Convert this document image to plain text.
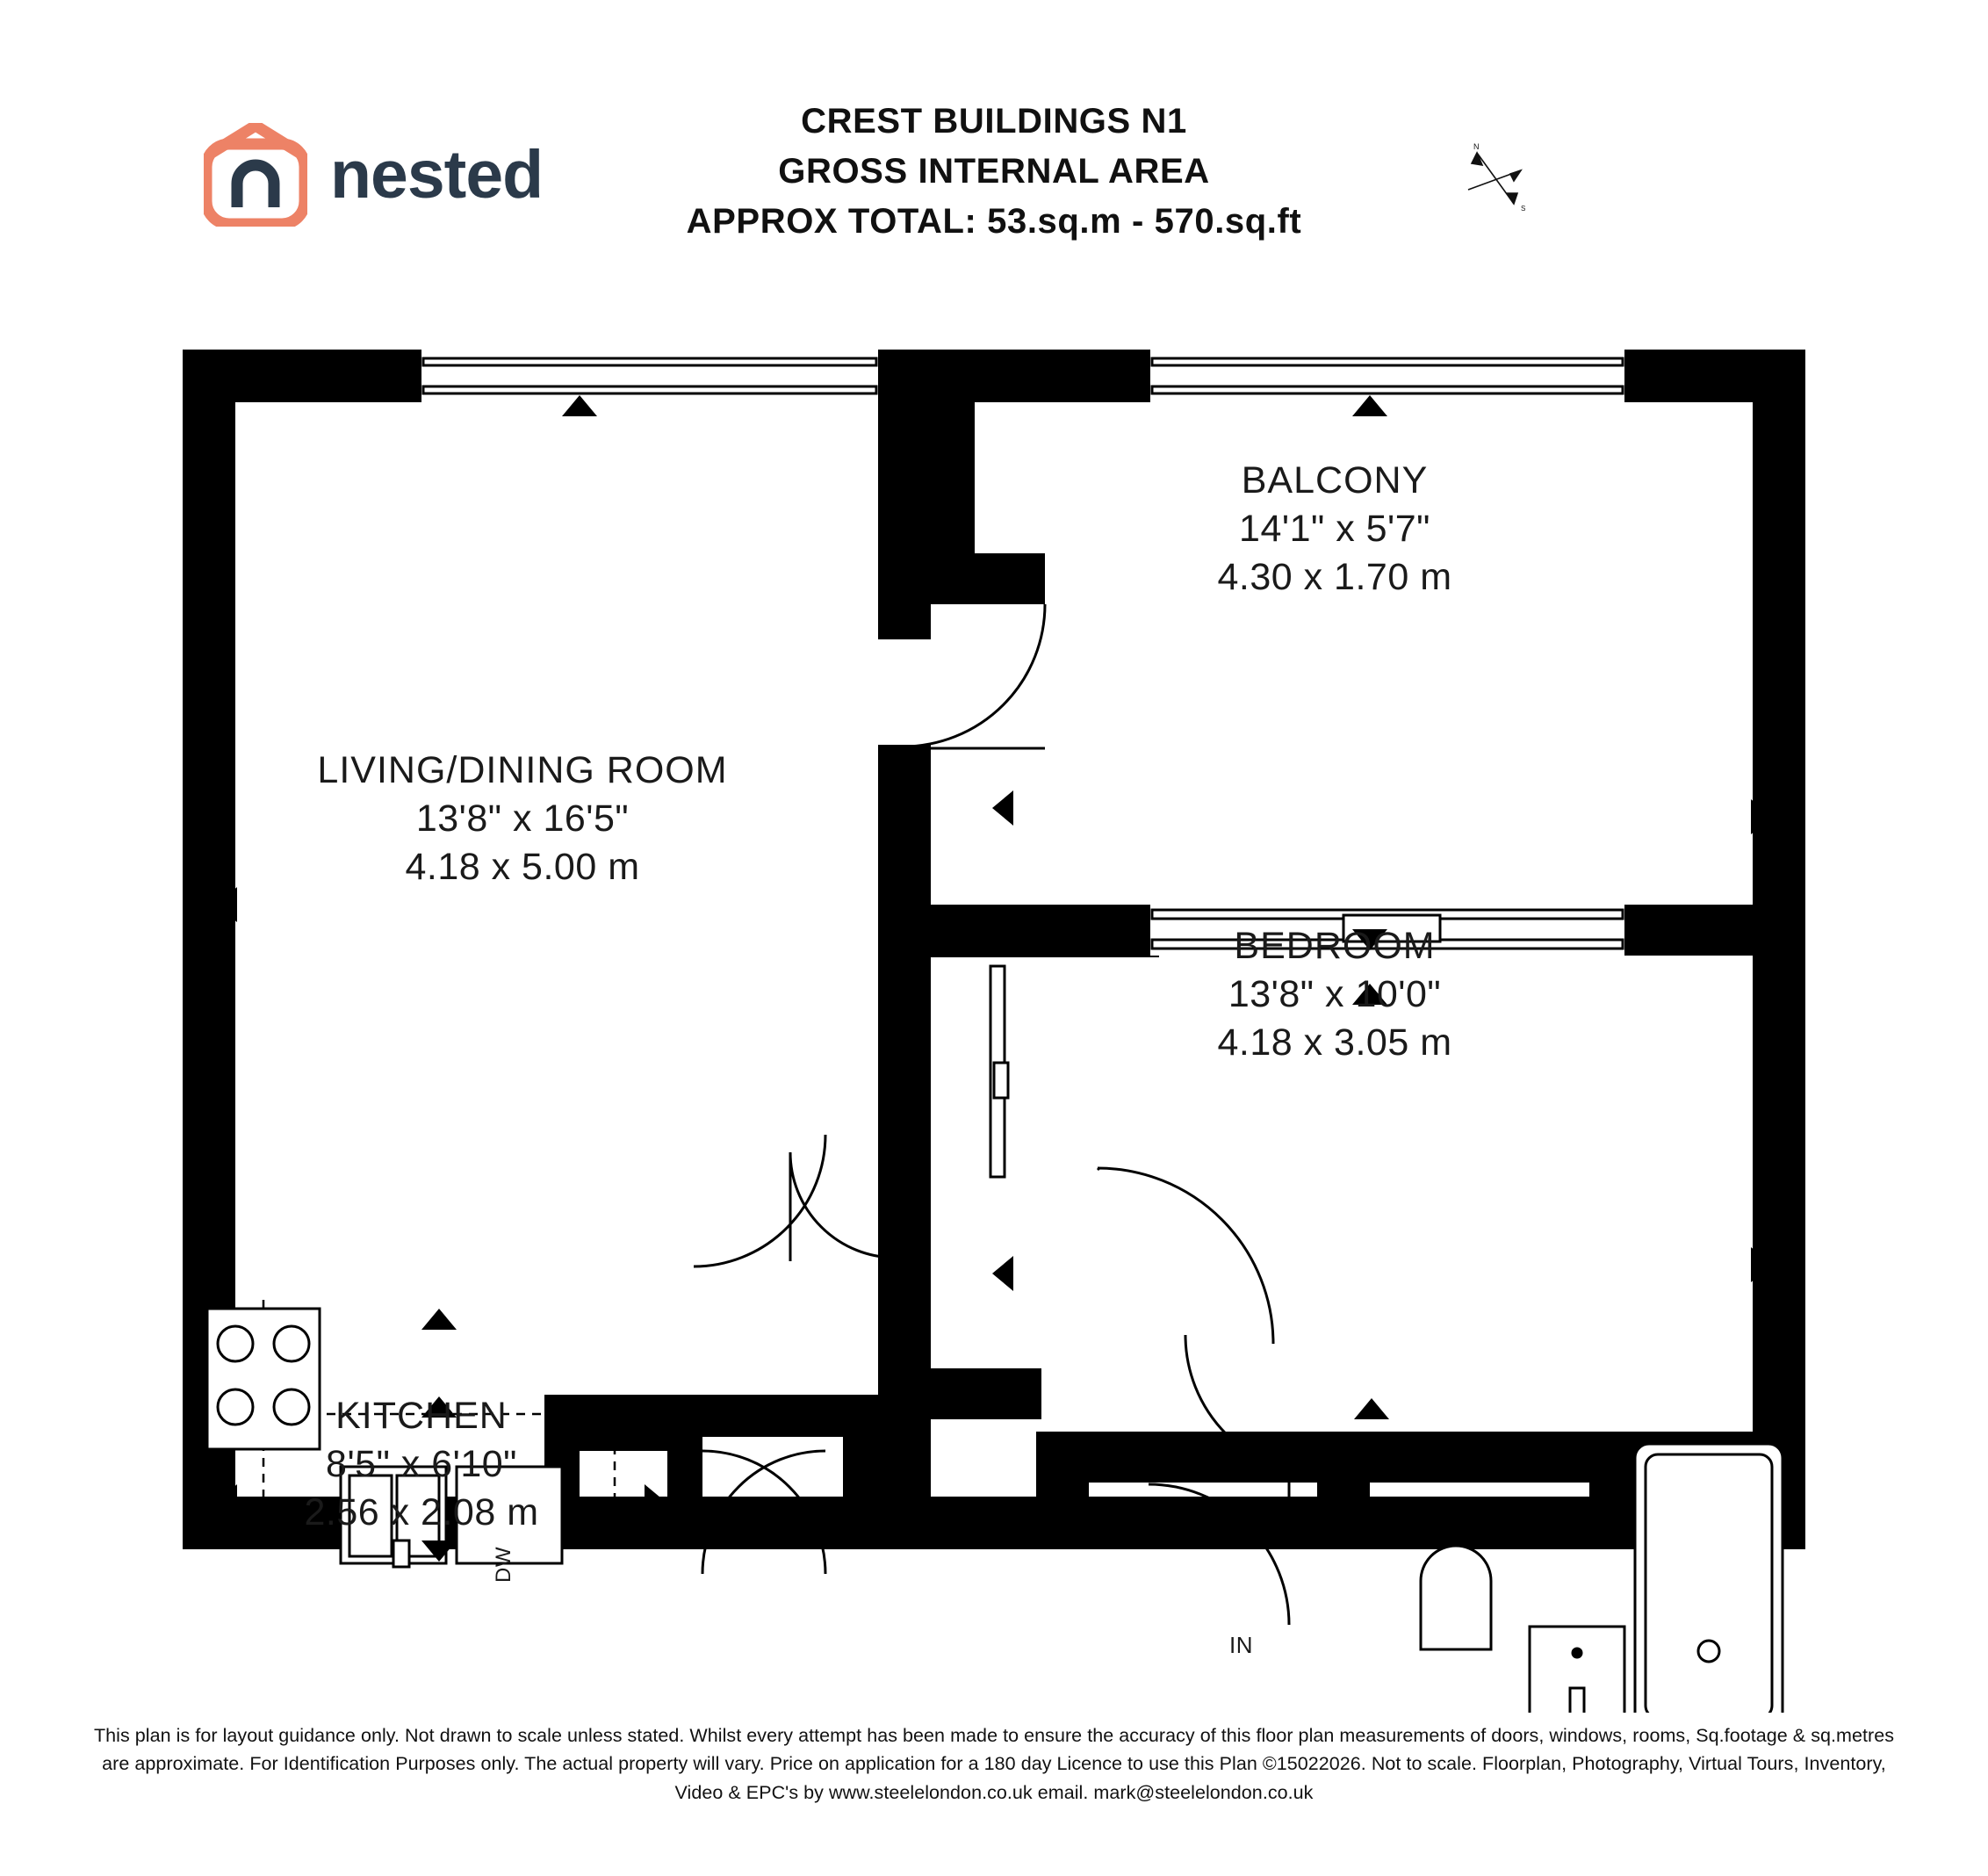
nested
CREST BUILDINGS N1
GROSS INTERNAL AREA
APPROX TOTAL: 53.sq.m - 570.sq.ft
N
S
BALCONY
14'1" x 5'7"
4.30 x 1.70 m
LIVING/DINING ROOM
13'8" x 16'5"
4.18 x 5.00 m
BEDROOM
13'8" x 10'0"
4.18 x 3.05 m
KITCHEN
8'5" x 6'10"
2.56 x 2.08 m
IN
DW

This plan is for layout guidance only. Not drawn to scale unless stated. Whilst every attempt has been made to ensure the accuracy of this floor plan measurements of doors, windows, rooms, Sq.footage & sq.metres

are approximate. For Identification Purposes only. The actual property will vary. Price on application for a 180 day Licence to use this Plan ©15022026. Not to scale. Floorplan, Photography, Virtual Tours, Inventory,

Video & EPC's by www.steelelondon.co.uk email. mark@steelelondon.co.uk
